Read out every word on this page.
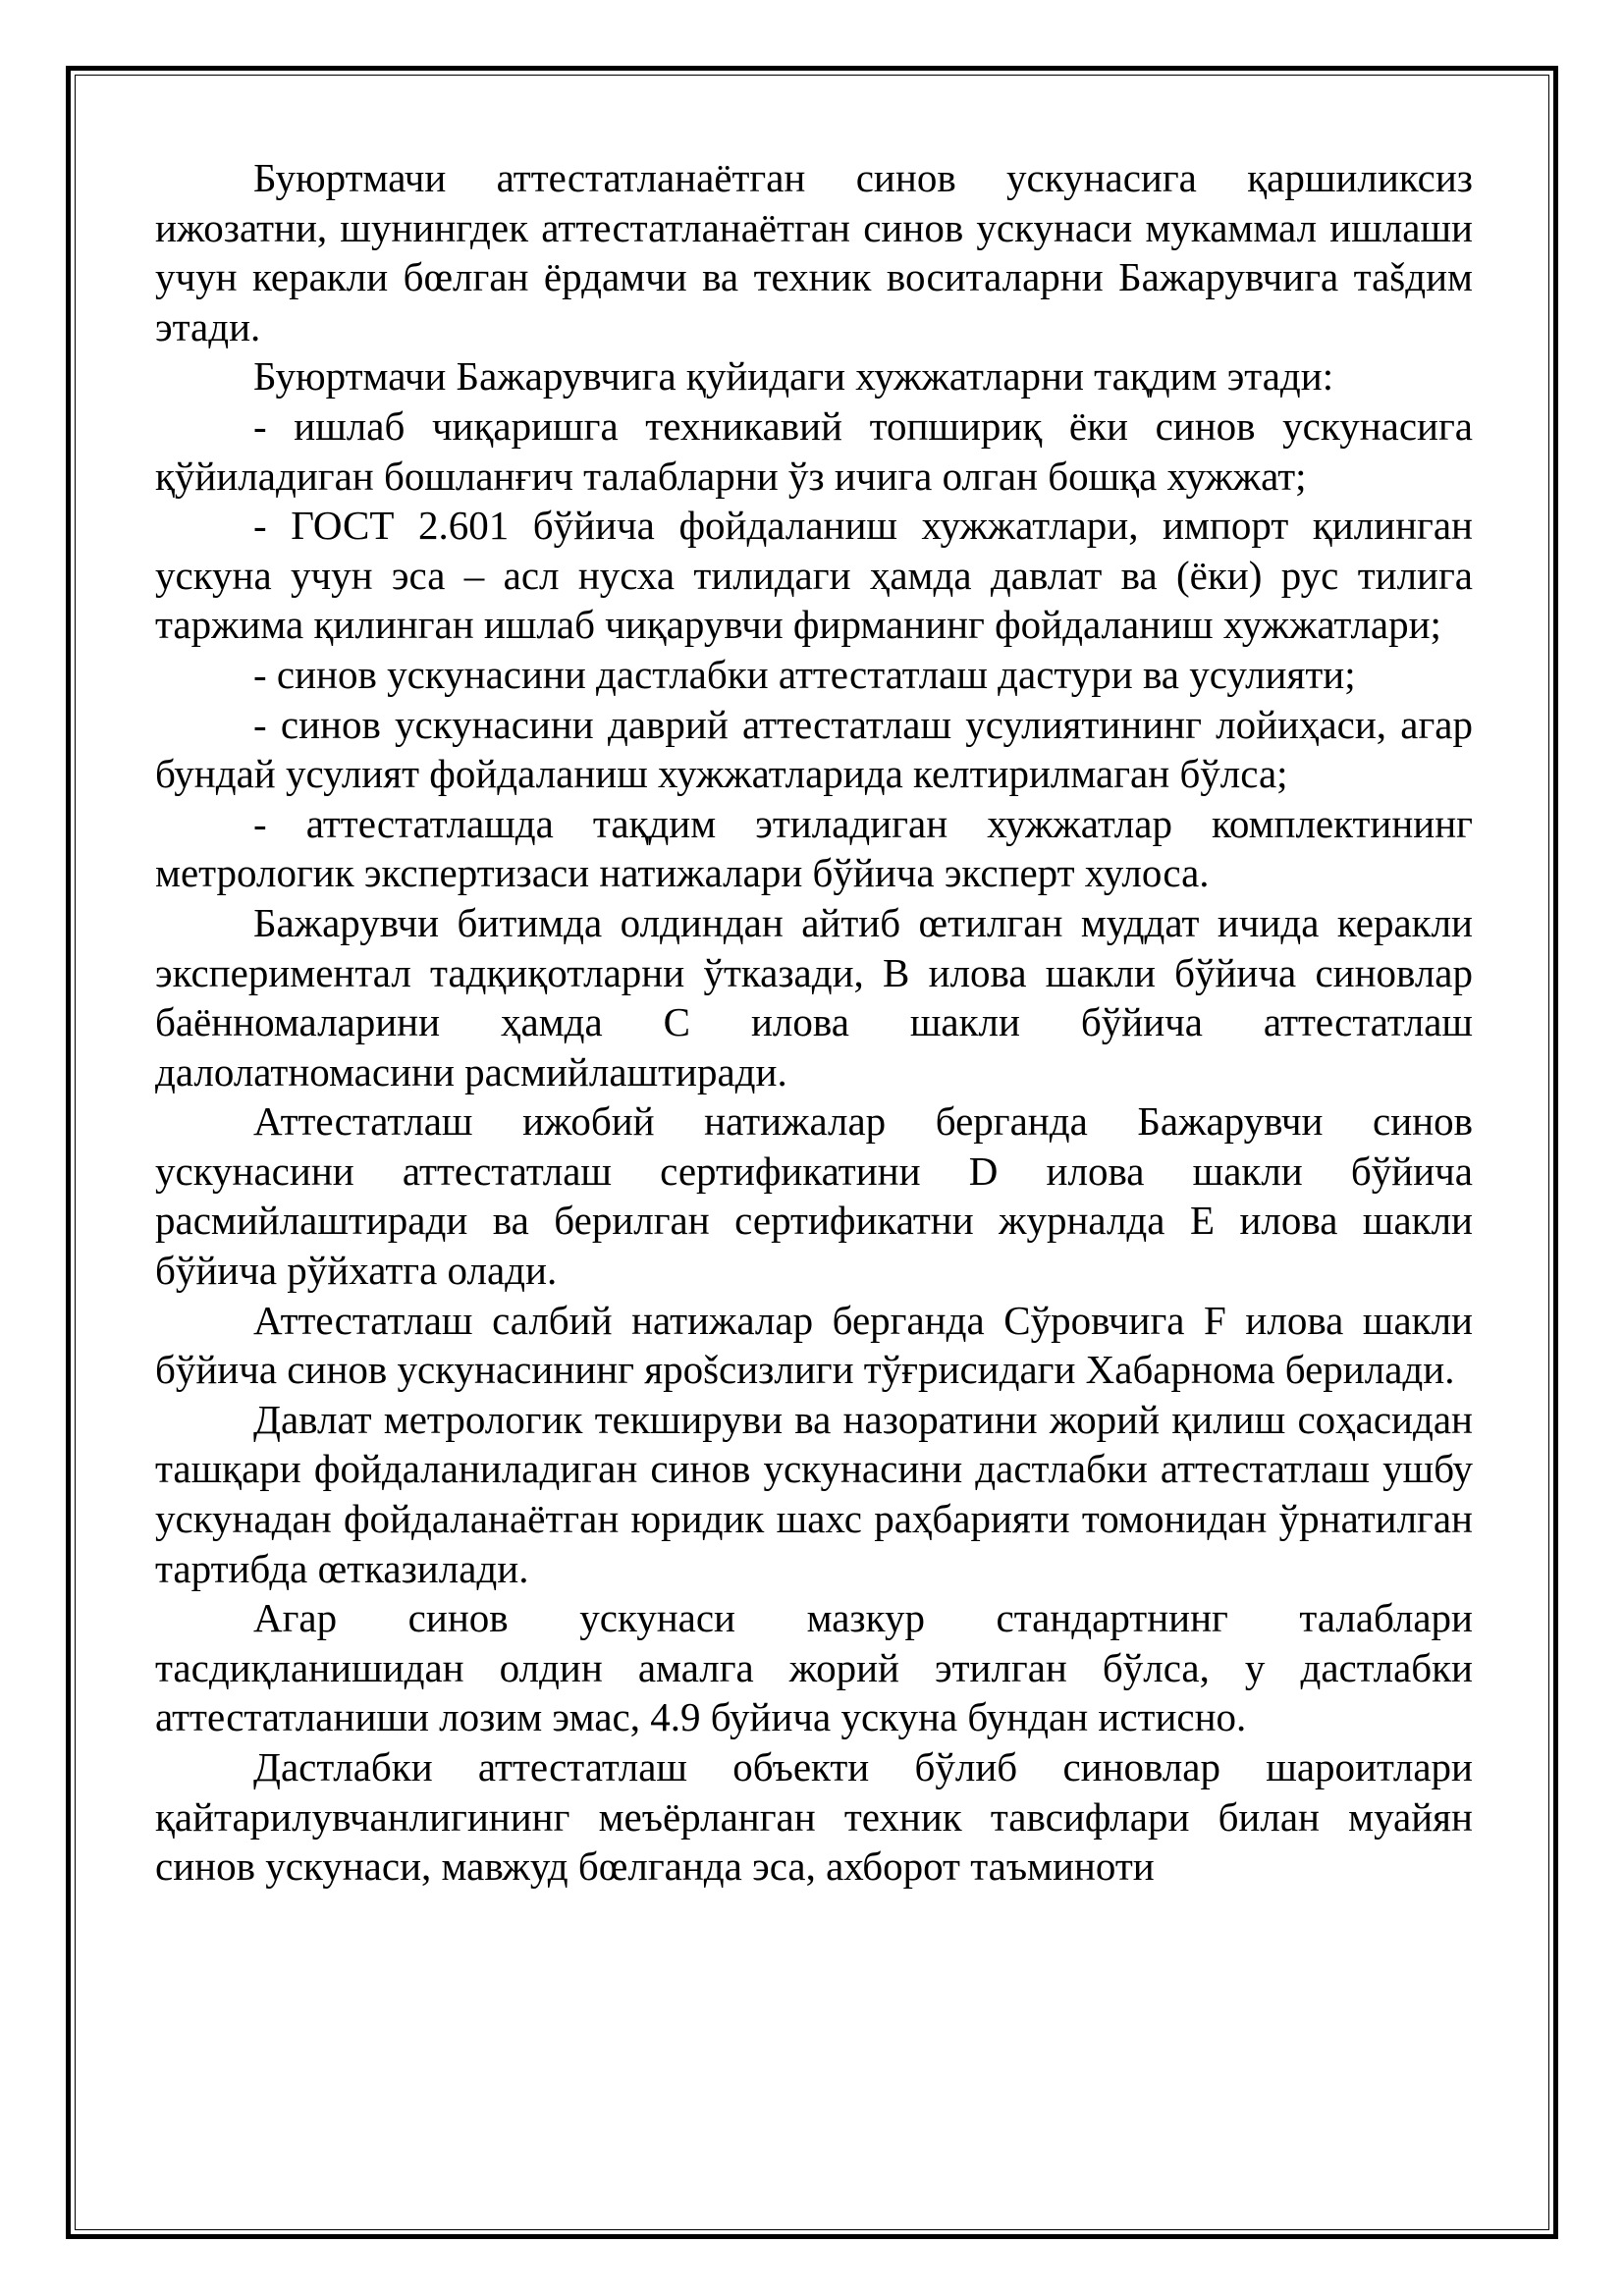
Буюртмачи аттестатланаётган синов ускунасига қаршиликсиз ижозатни, шунингдек аттестатланаётган синов ускунаси мукаммал ишлаши учун керакли бœлган ёрдамчи ва техник воситаларни Бажарувчига таšдим этади.

Буюртмачи Бажарувчига қуйидаги хужжатларни тақдим этади:

- ишлаб чиқаришга техникавий топшириқ ёки синов ускунасига қўйиладиган бошланғич талабларни ўз ичига олган бошқа хужжат;

- ГОСТ 2.601 бўйича фойдаланиш хужжатлари, импорт қилинган ускуна учун эса – асл нусха тилидаги ҳамда давлат ва (ёки) рус тилига таржима қилинган ишлаб чиқарувчи фирманинг фойдаланиш хужжатлари;

- синов ускунасини дастлабки аттестатлаш дастури ва усулияти;

- синов ускунасини даврий аттестатлаш усулиятининг лойиҳаси, агар бундай усулият фойдаланиш хужжатларида келтирилмаган бўлса;

- аттестатлашда тақдим этиладиган хужжатлар комплектининг метрологик экспертизаси натижалари бўйича эксперт хулоса.

Бажарувчи битимда олдиндан айтиб œтилган муддат ичида керакли экспериментал тадқиқотларни ўтказади, В илова шакли бўйича синовлар баённомаларини ҳамда С илова шакли бўйича аттестатлаш далолатномасини расмийлаштиради.

Аттестатлаш ижобий натижалар берганда Бажарувчи синов ускунасини аттестатлаш сертификатини D илова шакли бўйича расмийлаштиради ва берилган сертификатни журналда Е илова шакли бўйича рўйхатга олади.

Аттестатлаш салбий натижалар берганда Сўровчига F илова шакли бўйича синов ускунасининг ярošсизлиги тўғрисидаги Хабарнома берилади.

Давлат метрологик текшируви ва назоратини жорий қилиш соҳасидан ташқари фойдаланиладиган синов ускунасини дастлабки аттестатлаш ушбу ускунадан фойдаланаётган юридик шахс раҳбарияти томонидан ўрнатилган тартибда œтказилади.

Агар синов ускунаси мазкур стандартнинг талаблари тасдиқланишидан олдин амалга жорий этилган бўлса, у дастлабки аттестатланиши лозим эмас, 4.9 буйича ускуна бундан истисно.

Дастлабки аттестатлаш объекти бўлиб синовлар шароитлари қайтарилувчанлигининг меъёрланган техник тавсифлари билан муайян синов ускунаси, мавжуд бœлганда эса, ахборот таъминоти
